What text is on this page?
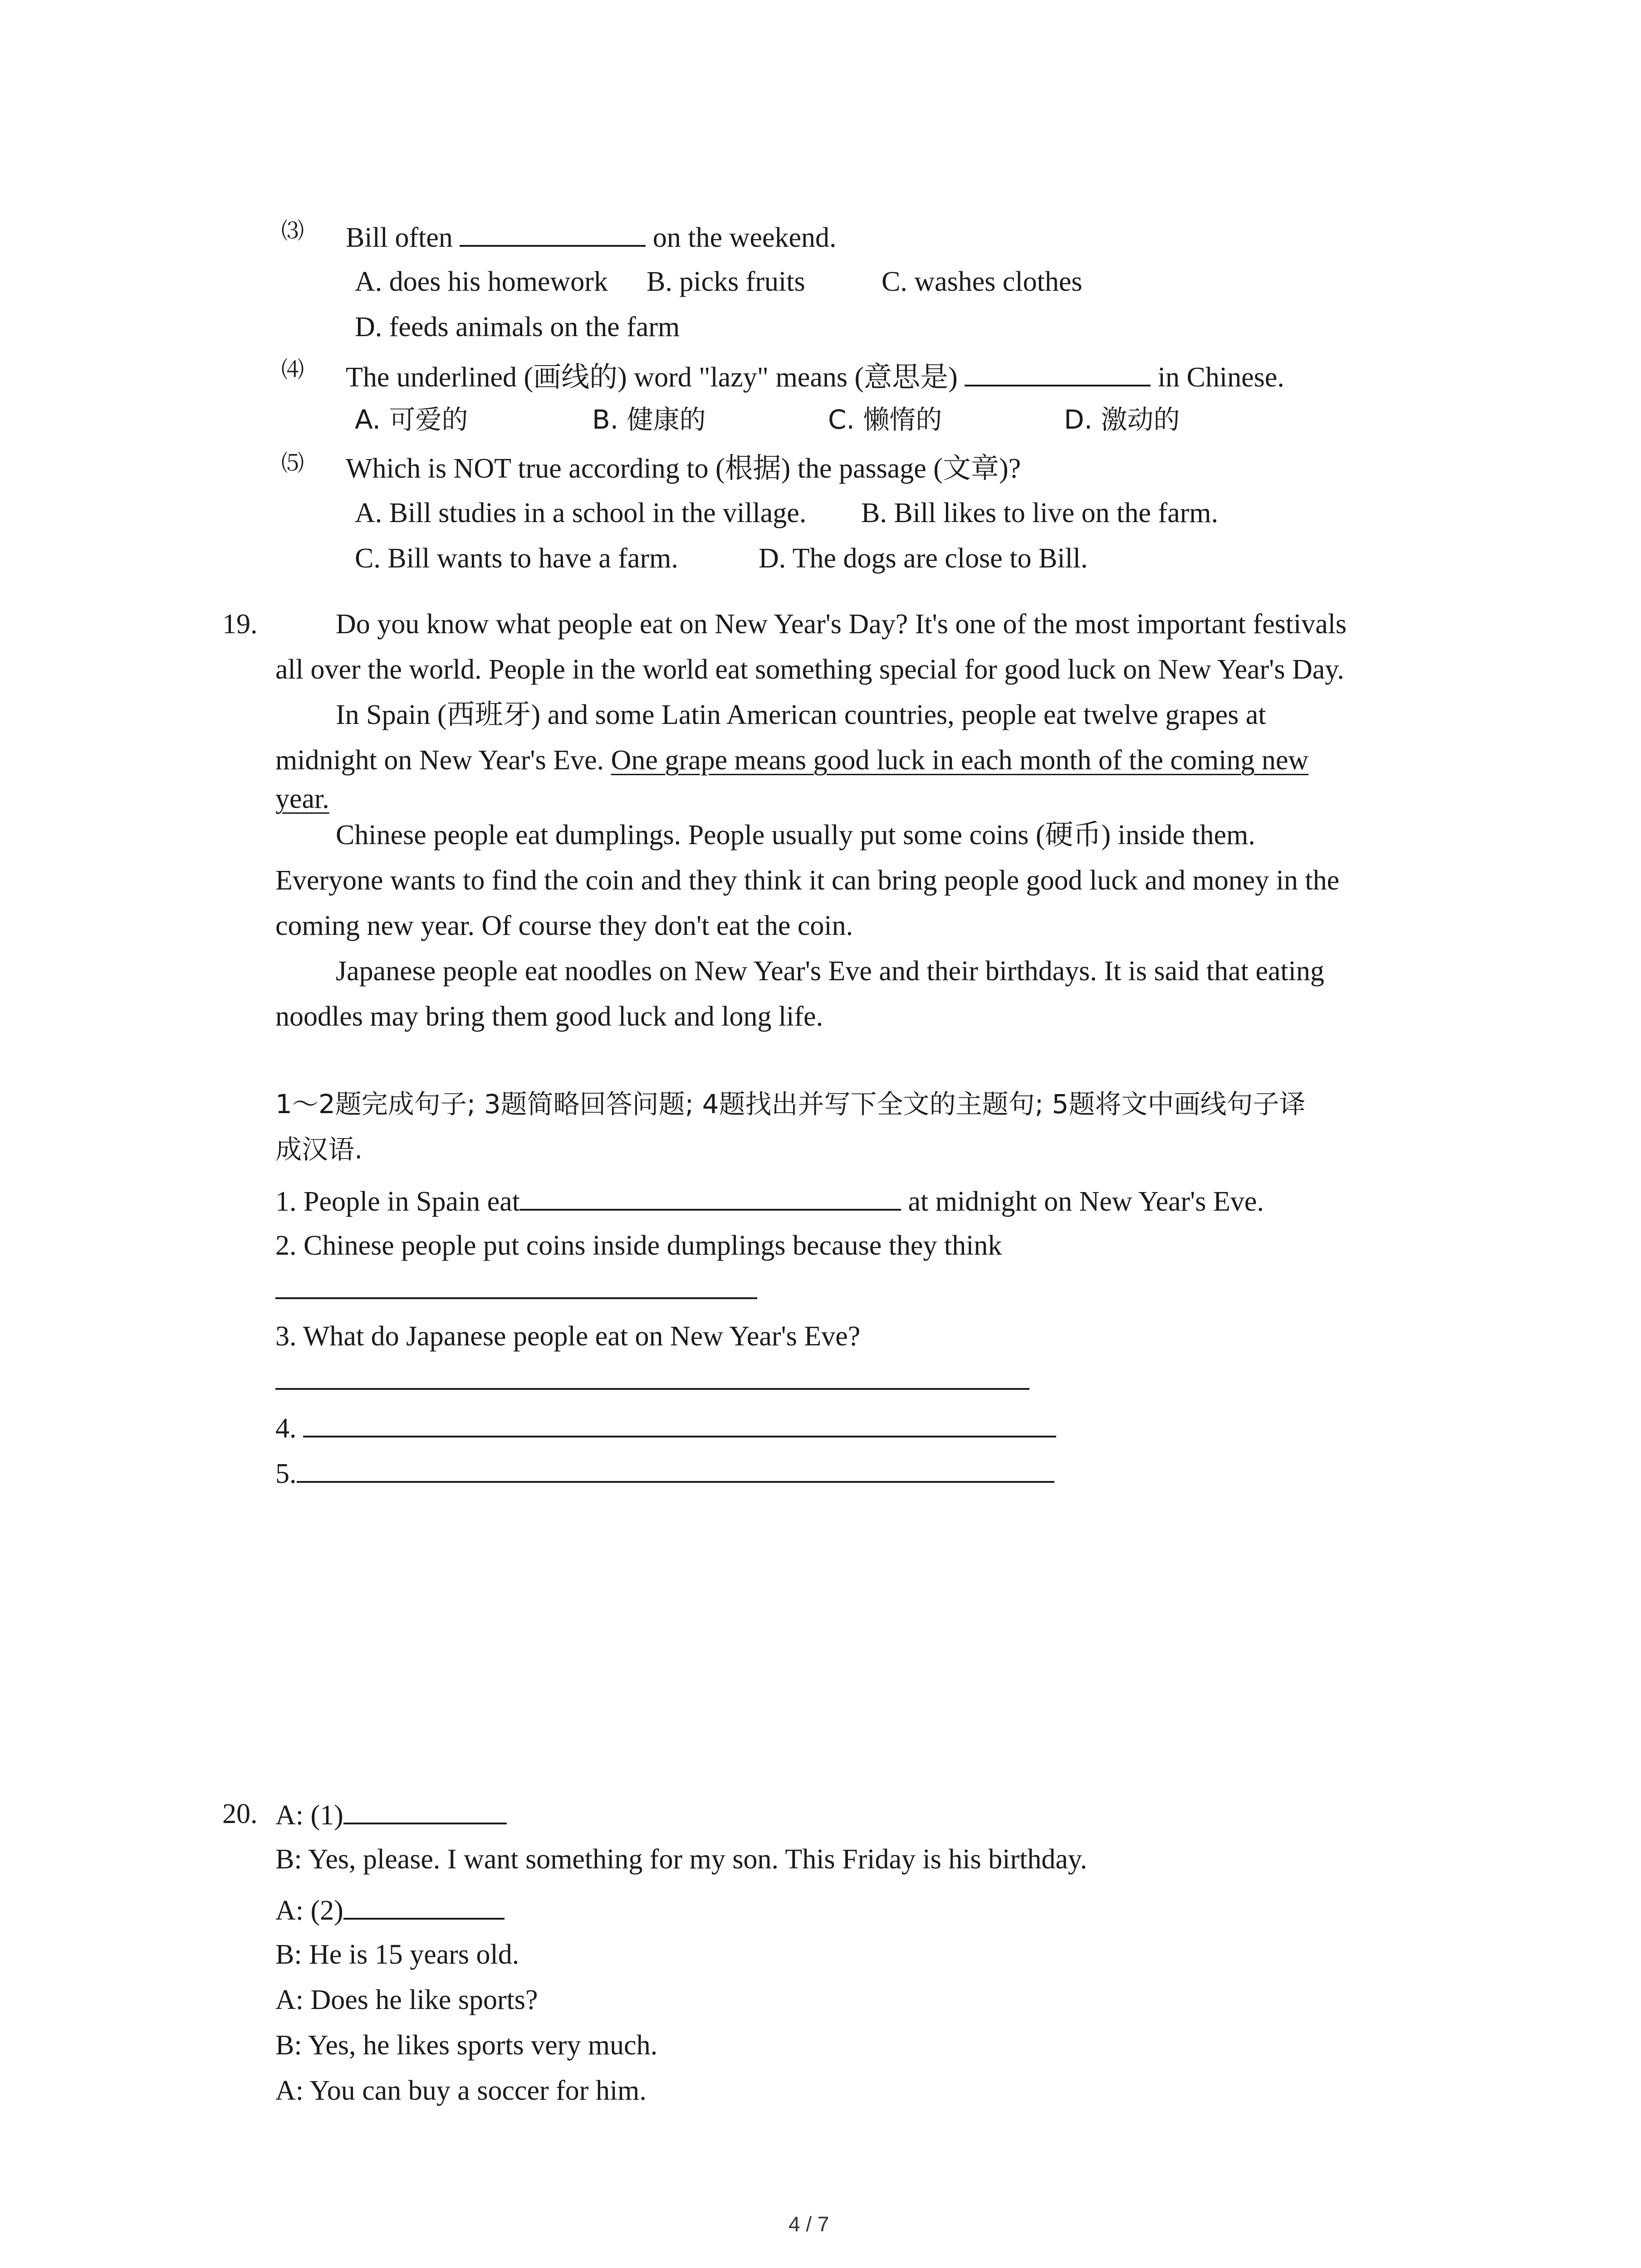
⑶ Bill often	on the weekend.
A. does his homework B. picks fruits	C. washes clothes
D. feeds animals on the farm
⑷ The underlined (画线的) word "lazy" means (意思是)	in Chinese.
A. 可爱的	B. 健康的	C. 懒惰的	D. 激动的
⑸ Which is NOT true according to (根据) the passage (文章)?
A. Bill studies in a school in the village. B. Bill likes to live on the farm.
C. Bill wants to have a farm.	D. The dogs are close to Bill.
19.	Do you know what people eat on New Year's Day? It's one of the most important festivals
all over the world. People in the world eat something special for good luck on New Year's Day.
In Spain (西班牙) and some Latin American countries, people eat twelve grapes at
midnight on New Year's Eve. One grape means good luck in each month of the coming new
year.
Chinese people eat dumplings. People usually put some coins (硬币) inside them.
Everyone wants to find the coin and they think it can bring people good luck and money in the
coming new year. Of course they don't eat the coin.
Japanese people eat noodles on New Year's Eve and their birthdays. It is said that eating
noodles may bring them good luck and long life.
1～2题完成句子; 3题简略回答问题; 4题找出并写下全文的主题句; 5题将文中画线句子译
成汉语.
1. People in Spain eat	at midnight on New Year's Eve.
2. Chinese people put coins inside dumplings because they think
3. What do Japanese people eat on New Year's Eve?
4.
5.
20. A: (1)
B: Yes, please. I want something for my son. This Friday is his birthday.
A: (2)
B: He is 15 years old.
A: Does he like sports?
B: Yes, he likes sports very much.
A: You can buy a soccer for him.
4 / 7
